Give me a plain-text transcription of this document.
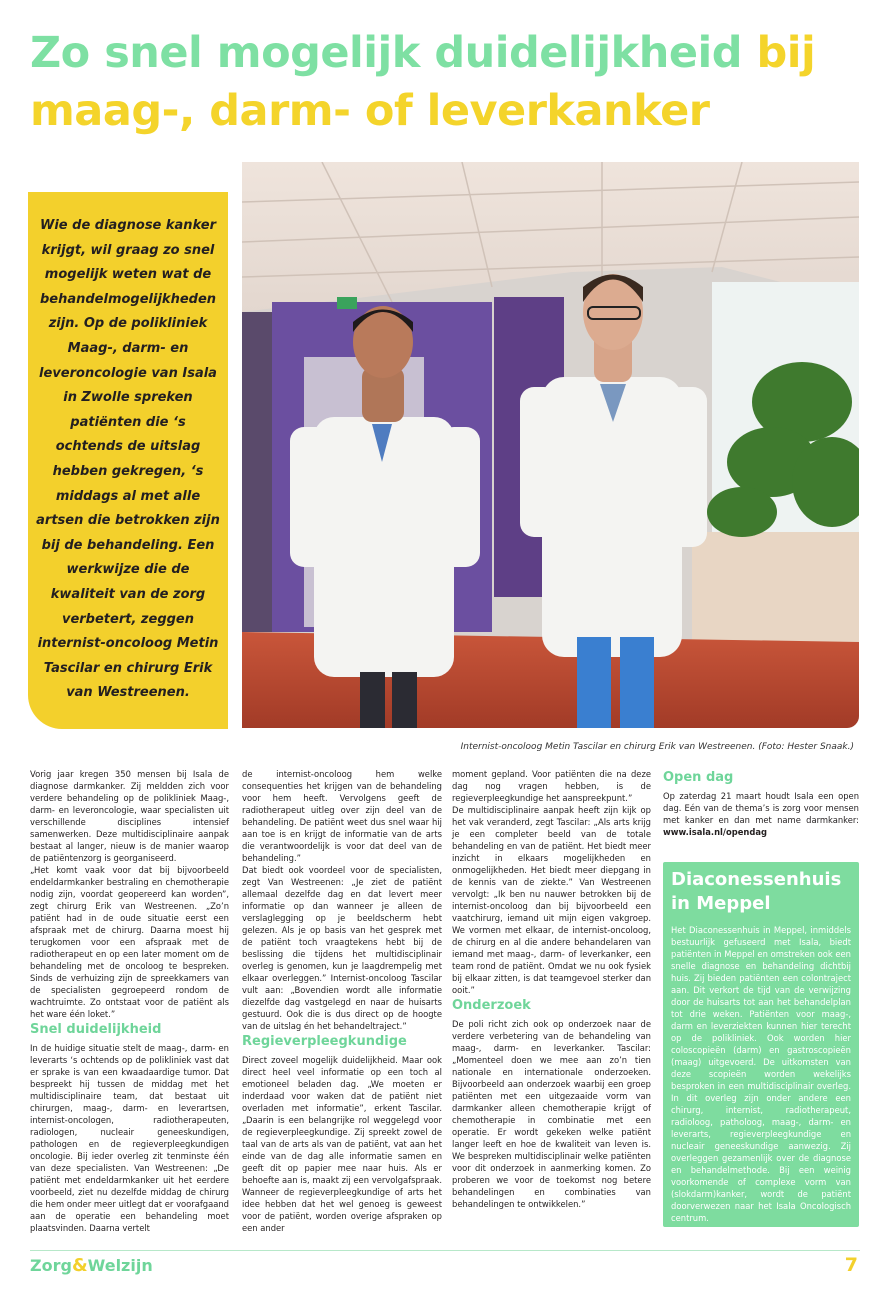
Zo snel mogelijk duidelijkheid bij maag-, darm- of leverkanker

Wie de diagnose kanker krijgt, wil graag zo snel mogelijk weten wat de behandelmogelijkheden zijn. Op de polikliniek Maag-, darm- en leveroncologie van Isala in Zwolle spreken patiënten die ‘s ochtends de uitslag hebben gekregen, ‘s middags al met alle artsen die betrokken zijn bij de behandeling. Een werkwijze die de kwaliteit van de zorg verbetert, zeggen internist-oncoloog Metin Tascilar en chirurg Erik van Westreenen.

Internist-oncoloog Metin Tascilar en chirurg Erik van Westreenen. (Foto: Hester Snaak.)

Vorig jaar kregen 350 mensen bij Isala de diagnose darmkanker. Zij meldden zich voor verdere behandeling op de polikliniek Maag-, darm- en leveroncologie, waar specialisten uit verschillende disciplines intensief samenwerken. Deze multidisciplinaire aanpak bestaat al langer, nieuw is de manier waarop de patiëntenzorg is georganiseerd.

„Het komt vaak voor dat bij bijvoorbeeld endeldarmkanker bestraling en chemotherapie nodig zijn, voordat geopereerd kan worden”, zegt chirurg Erik van Westreenen. „Zo’n patiënt had in de oude situatie eerst een afspraak met de chirurg. Daarna moest hij terugkomen voor een afspraak met de radiotherapeut en op een later moment om de behandeling met de oncoloog te bespreken. Sinds de verhuizing zijn de spreekkamers van de specialisten gegroepeerd rondom de wachtruimte. Zo ontstaat voor de patiënt als het ware één loket.”

Snel duidelijkheid

In de huidige situatie stelt de maag-, darm- en leverarts ‘s ochtends op de polikliniek vast dat er sprake is van een kwaadaardige tumor. Dat bespreekt hij tussen de middag met het multidisciplinaire team, dat bestaat uit chirurgen, maag-, darm- en leverartsen, internist-oncologen, radiotherapeuten, radiologen, nucleair geneeskundigen, pathologen en de regieverpleegkundigen oncologie. Bij ieder overleg zit tenminste één van deze specialisten. Van Westreenen: „De patiënt met endeldarmkanker uit het eerdere voorbeeld, ziet nu dezelfde middag de chirurg die hem onder meer uitlegt dat er voorafgaand aan de operatie een behandeling moet plaatsvinden. Daarna vertelt

de internist-oncoloog hem welke consequenties het krijgen van de behandeling voor hem heeft. Vervolgens geeft de radiotherapeut uitleg over zijn deel van de behandeling. De patiënt weet dus snel waar hij aan toe is en krijgt de informatie van de arts die verantwoordelijk is voor dat deel van de behandeling.”

Dat biedt ook voordeel voor de specialisten, zegt Van Westreenen: „Je ziet de patiënt allemaal dezelfde dag en dat levert meer informatie op dan wanneer je alleen de verslaglegging op je beeldscherm hebt gelezen. Als je op basis van het gesprek met de patiënt toch vraagtekens hebt bij de beslissing die tijdens het multidisciplinair overleg is genomen, kun je laagdrempelig met elkaar overleggen.” Internist-oncoloog Tascilar vult aan: „Bovendien wordt alle informatie diezelfde dag vastgelegd en naar de huisarts gestuurd. Ook die is dus direct op de hoogte van de uitslag én het behandeltraject.”

Regieverpleegkundige

Direct zoveel mogelijk duidelijkheid. Maar ook direct heel veel informatie op een toch al emotioneel beladen dag. „We moeten er inderdaad voor waken dat de patiënt niet overladen met informatie”, erkent Tascilar. „Daarin is een belangrijke rol weggelegd voor de regieverpleegkundige. Zij spreekt zowel de taal van de arts als van de patiënt, vat aan het einde van de dag alle informatie samen en geeft dit op papier mee naar huis. Als er behoefte aan is, maakt zij een vervolgafspraak. Wanneer de regieverpleegkundige of arts het idee hebben dat het wel genoeg is geweest voor de patiënt, worden overige afspraken op een ander

moment gepland. Voor patiënten die na deze dag nog vragen hebben, is de regieverpleegkundige het aanspreekpunt.”

De multidisciplinaire aanpak heeft zijn kijk op het vak veranderd, zegt Tascilar: „Als arts krijg je een completer beeld van de totale behandeling en van de patiënt. Het biedt meer inzicht in elkaars mogelijkheden en onmogelijkheden. Het biedt meer diepgang in de kennis van de ziekte.” Van Westreenen vervolgt: „Ik ben nu nauwer betrokken bij de internist-oncoloog dan bij bijvoorbeeld een vaatchirurg, iemand uit mijn eigen vakgroep. We vormen met elkaar, de internist-oncoloog, de chirurg en al die andere behandelaren van iemand met maag-, darm- of leverkanker, een team rond de patiënt. Omdat we nu ook fysiek bij elkaar zitten, is dat teamgevoel sterker dan ooit.”

Onderzoek

De poli richt zich ook op onderzoek naar de verdere verbetering van de behandeling van maag-, darm- en leverkanker. Tascilar: „Momenteel doen we mee aan zo’n tien nationale en internationale onderzoeken. Bijvoorbeeld aan onderzoek waarbij een groep patiënten met een uitgezaaide vorm van darmkanker alleen chemotherapie krijgt of chemotherapie in combinatie met een operatie. Er wordt gekeken welke patiënt langer leeft en hoe de kwaliteit van leven is. We bespreken multidisciplinair welke patiënten voor dit onderzoek in aanmerking komen. Zo proberen we voor de toekomst nog betere behandelingen en combinaties van behandelingen te ontwikkelen.”

Open dag

Op zaterdag 21 maart houdt Isala een open dag. Eén van de thema’s is zorg voor mensen met kanker en dan met name darmkanker: www.isala.nl/opendag

Diaconessenhuis in Meppel

Het Diaconessenhuis in Meppel, inmiddels bestuurlijk gefuseerd met Isala, biedt patiënten in Meppel en omstreken ook een snelle diagnose en behandeling dichtbij huis. Zij bieden patiënten een colontraject aan. Dit verkort de tijd van de verwijzing door de huisarts tot aan het behandelplan tot drie weken. Patiënten voor maag-, darm en leverziekten kunnen hier terecht op de polikliniek. Ook worden hier coloscopieën (darm) en gastroscopieën (maag) uitgevoerd. De uitkomsten van deze scopieën worden wekelijks besproken in een multidisciplinair overleg. In dit overleg zijn onder andere een chirurg, internist, radiotherapeut, radioloog, patholoog, maag-, darm- en leverarts, regieverpleegkundige en nucleair geneeskundige aanwezig. Zij overleggen gezamenlijk over de diagnose en behandelmethode. Bij een weinig voorkomende of complexe vorm van (slokdarm)kanker, wordt de patiënt doorverwezen naar het Isala Oncologisch centrum.

Zorg&Welzijn	7
